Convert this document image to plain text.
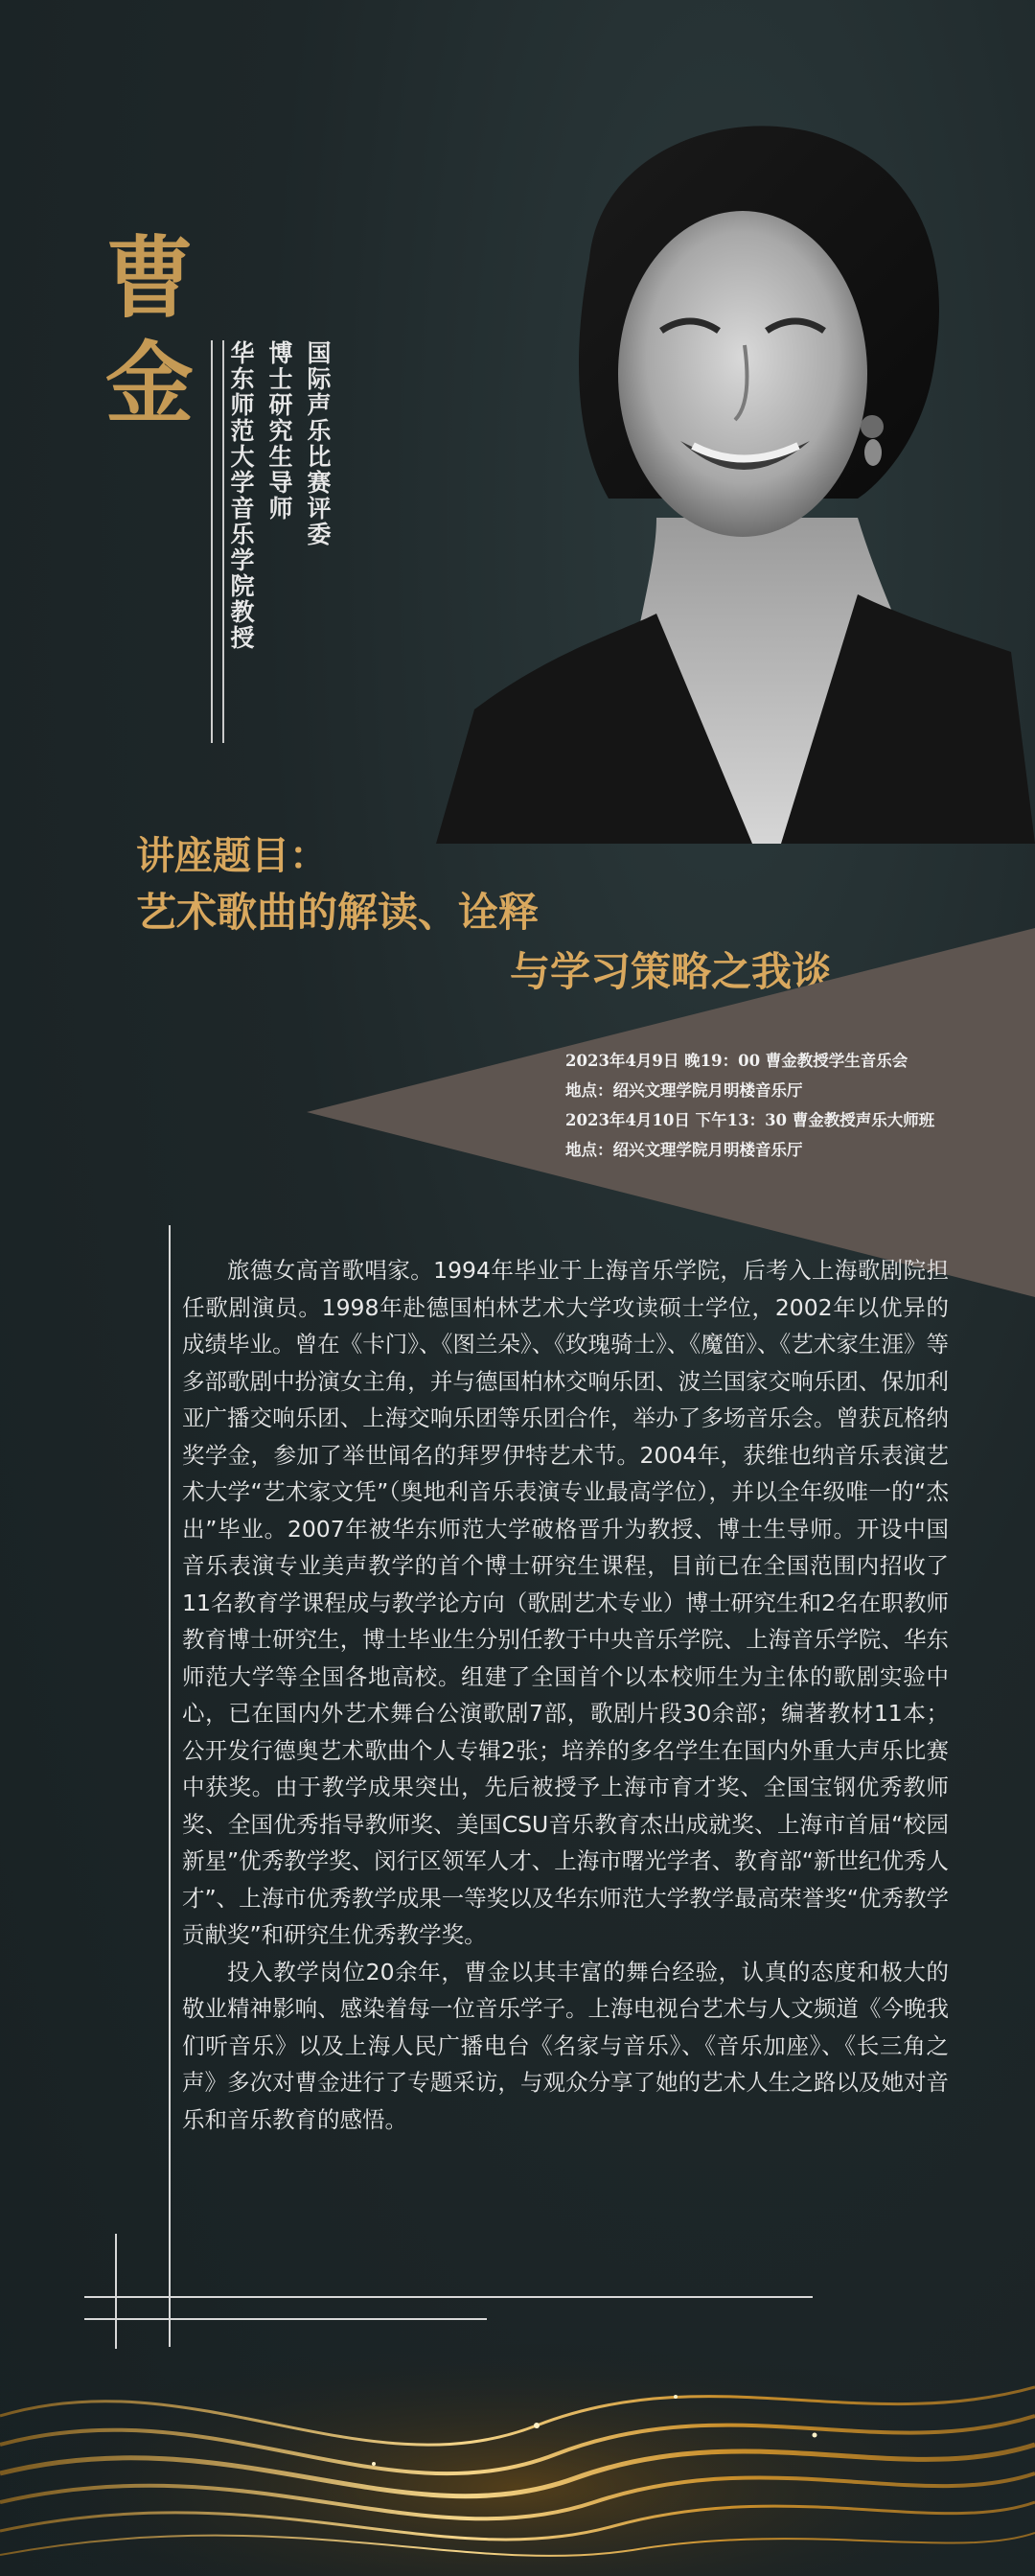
曹
金	国际声乐比赛评委
博士研究生导师
华东师范大学音乐学院教授
讲座题目：
艺术歌曲的解读、诠释
与学习策略之我谈
2023年4月9日 晚19：00 曹金教授学生音乐会
地点：绍兴文理学院月明楼音乐厅
2023年4月10日 下午13：30 曹金教授声乐大师班
地点：绍兴文理学院月明楼音乐厅

旅德女高音歌唱家。1994年毕业于上海音乐学院，后考入上海歌剧院担任歌剧演员。1998年赴德国柏林艺术大学攻读硕士学位，2002年以优异的成绩毕业。曾在《卡门》、《图兰朵》、《玫瑰骑士》、《魔笛》、《艺术家生涯》等多部歌剧中扮演女主角，并与德国柏林交响乐团、波兰国家交响乐团、保加利亚广播交响乐团、上海交响乐团等乐团合作，举办了多场音乐会。曾获瓦格纳奖学金，参加了举世闻名的拜罗伊特艺术节。2004年，获维也纳音乐表演艺术大学“艺术家文凭”（奥地利音乐表演专业最高学位），并以全年级唯一的“杰出”毕业。2007年被华东师范大学破格晋升为教授、博士生导师。开设中国音乐表演专业美声教学的首个博士研究生课程，目前已在全国范围内招收了11名教育学课程成与教学论方向（歌剧艺术专业）博士研究生和2名在职教师教育博士研究生，博士毕业生分别任教于中央音乐学院、上海音乐学院、华东师范大学等全国各地高校。组建了全国首个以本校师生为主体的歌剧实验中心，已在国内外艺术舞台公演歌剧7部，歌剧片段30余部；编著教材11本；公开发行德奥艺术歌曲个人专辑2张；培养的多名学生在国内外重大声乐比赛中获奖。由于教学成果突出，先后被授予上海市育才奖、全国宝钢优秀教师奖、全国优秀指导教师奖、美国CSU音乐教育杰出成就奖、上海市首届“校园新星”优秀教学奖、闵行区领军人才、上海市曙光学者、教育部“新世纪优秀人才”、上海市优秀教学成果一等奖以及华东师范大学教学最高荣誉奖“优秀教学贡献奖”和研究生优秀教学奖。

投入教学岗位20余年，曹金以其丰富的舞台经验，认真的态度和极大的敬业精神影响、感染着每一位音乐学子。上海电视台艺术与人文频道《今晚我们听音乐》以及上海人民广播电台《名家与音乐》、《音乐加座》、《长三角之声》多次对曹金进行了专题采访，与观众分享了她的艺术人生之路以及她对音乐和音乐教育的感悟。
